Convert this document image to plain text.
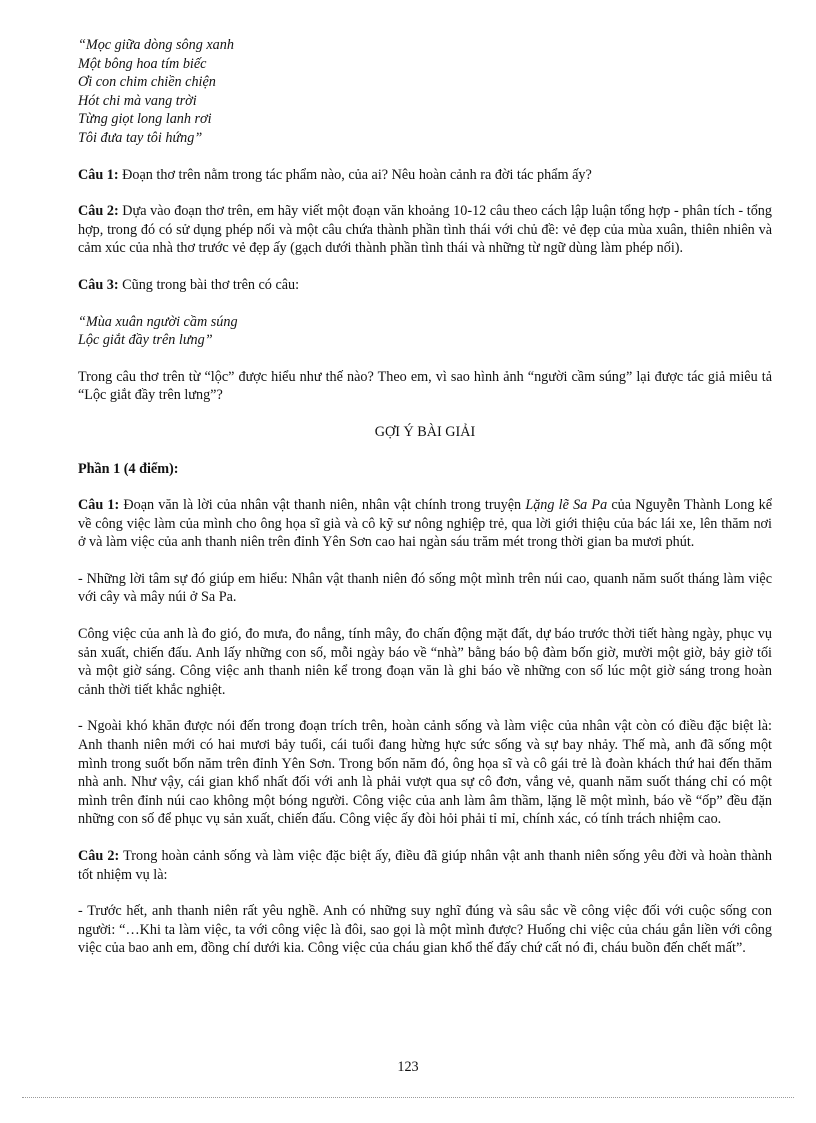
“Mọc giữa dòng sông xanh

Một bông hoa tím biếc

Ơi con chim chiền chiện

Hót chi mà vang trời

Từng giọt long lanh rơi

Tôi đưa tay tôi hứng”

Câu 1: Đoạn thơ trên nằm trong tác phẩm nào, của ai? Nêu hoàn cảnh ra đời tác phẩm ấy?

Câu 2: Dựa vào đoạn thơ trên, em hãy viết một đoạn văn khoảng 10-12 câu theo cách lập luận tổng hợp - phân tích - tổng hợp, trong đó có sử dụng phép nối và một câu chứa thành phần tình thái với chủ đề: vẻ đẹp của mùa xuân, thiên nhiên và cảm xúc của nhà thơ trước vẻ đẹp ấy (gạch dưới thành phần tình thái và những từ ngữ dùng làm phép nối).

Câu 3: Cũng trong bài thơ trên có câu:

“Mùa xuân người cầm súng

Lộc giắt đầy trên lưng”

Trong câu thơ trên từ “lộc” được hiểu như thế nào? Theo em, vì sao hình ảnh “người cầm súng” lại được tác giả miêu tả “Lộc giắt đầy trên lưng”?

GỢI Ý BÀI GIẢI

Phần 1 (4 điểm):

Câu 1: Đoạn văn là lời của nhân vật thanh niên, nhân vật chính trong truyện Lặng lẽ Sa Pa của Nguyễn Thành Long kể về công việc làm của mình cho ông họa sĩ già và cô kỹ sư nông nghiệp trẻ, qua lời giới thiệu của bác lái xe, lên thăm nơi ở và làm việc của anh thanh niên trên đỉnh Yên Sơn cao hai ngàn sáu trăm mét trong thời gian ba mươi phút.

- Những lời tâm sự đó giúp em hiểu: Nhân vật thanh niên đó sống một mình trên núi cao, quanh năm suốt tháng làm việc với cây và mây núi ở Sa Pa.

Công việc của anh là đo gió, đo mưa, đo nắng, tính mây, đo chấn động mặt đất, dự báo trước thời tiết hàng ngày, phục vụ sản xuất, chiến đấu. Anh lấy những con số, mỗi ngày báo về “nhà” bằng báo bộ đàm bốn giờ, mười một giờ, bảy giờ tối và một giờ sáng. Công việc anh thanh niên kể trong đoạn văn là ghi báo về những con số lúc một giờ sáng trong hoàn cảnh thời tiết khắc nghiệt.

- Ngoài khó khăn được nói đến trong đoạn trích trên, hoàn cảnh sống và làm việc của nhân vật còn có điều đặc biệt là: Anh thanh niên mới có hai mươi bảy tuổi, cái tuổi đang hừng hực sức sống và sự bay nhảy. Thế mà, anh đã sống một mình trong suốt bốn năm trên đỉnh Yên Sơn. Trong bốn năm đó, ông họa sĩ và cô gái trẻ là đoàn khách thứ hai đến thăm nhà anh. Như vậy, cái gian khổ nhất đối với anh là phải vượt qua sự cô đơn, vắng vẻ, quanh năm suốt tháng chỉ có một mình trên đỉnh núi cao không một bóng người. Công việc của anh làm âm thầm, lặng lẽ một mình, báo về “ốp” đều đặn những con số để phục vụ sản xuất, chiến đấu. Công việc ấy đòi hỏi phải tỉ mỉ, chính xác, có tính trách nhiệm cao.

Câu 2: Trong hoàn cảnh sống và làm việc đặc biệt ấy, điều đã giúp nhân vật anh thanh niên sống yêu đời và hoàn thành tốt nhiệm vụ là:

- Trước hết, anh thanh niên rất yêu nghề. Anh có những suy nghĩ đúng và sâu sắc về công việc đối với cuộc sống con người: “…Khi ta làm việc, ta với công việc là đôi, sao gọi là một mình được? Huống chi việc của cháu gắn liền với công việc của bao anh em, đồng chí dưới kia. Công việc của cháu gian khổ thế đấy chứ cất nó đi, cháu buồn đến chết mất”.

123
